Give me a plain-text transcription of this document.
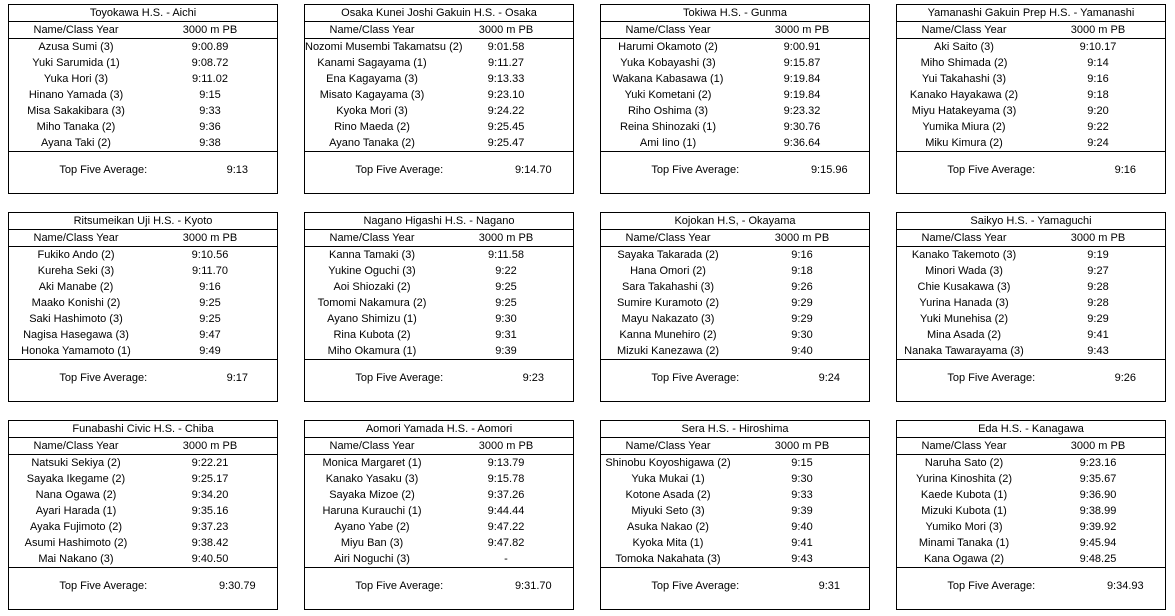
Toyokawa H.S. - Aichi	
Name/Class Year	3000 m PB
Azusa Sumi (3)	9:00.89
Yuki Sarumida (1)	9:08.72
Yuka Hori (3)	9:11.02
Hinano Yamada (3)	9:15
Misa Sakakibara (3)	9:33
Miho Tanaka (2)	9:36
Ayana Taki (2)	9:38
Top Five Average:	9:13
Osaka Kunei Joshi Gakuin H.S. - Osaka	
Name/Class Year	3000 m PB
Nozomi Musembi Takamatsu (2)	9:01.58
Kanami Sagayama (1)	9:11.27
Ena Kagayama (3)	9:13.33
Misato Kagayama (3)	9:23.10
Kyoka Mori (3)	9:24.22
Rino Maeda (2)	9:25.45
Ayano Tanaka (2)	9:25.47
Top Five Average:	9:14.70
Tokiwa H.S. - Gunma	
Name/Class Year	3000 m PB
Harumi Okamoto (2)	9:00.91
Yuka Kobayashi (3)	9:15.87
Wakana Kabasawa (1)	9:19.84
Yuki Kometani (2)	9:19.84
Riho Oshima (3)	9:23.32
Reina Shinozaki (1)	9:30.76
Ami Iino (1)	9:36.64
Top Five Average:	9:15.96
Yamanashi Gakuin Prep H.S. - Yamanashi	
Name/Class Year	3000 m PB
Aki Saito (3)	9:10.17
Miho Shimada (2)	9:14
Yui Takahashi (3)	9:16
Kanako Hayakawa (2)	9:18
Miyu Hatakeyama (3)	9:20
Yumika Miura (2)	9:22
Miku Kimura (2)	9:24
Top Five Average:	9:16
Ritsumeikan Uji H.S. - Kyoto	
Name/Class Year	3000 m PB
Fukiko Ando (2)	9:10.56
Kureha Seki (3)	9:11.70
Aki Manabe (2)	9:16
Maako Konishi (2)	9:25
Saki Hashimoto (3)	9:25
Nagisa Hasegawa (3)	9:47
Honoka Yamamoto (1)	9:49
Top Five Average:	9:17
Nagano Higashi H.S. - Nagano	
Name/Class Year	3000 m PB
Kanna Tamaki (3)	9:11.58
Yukine Oguchi (3)	9:22
Aoi Shiozaki (2)	9:25
Tomomi Nakamura (2)	9:25
Ayano Shimizu (1)	9:30
Rina Kubota (2)	9:31
Miho Okamura (1)	9:39
Top Five Average:	9:23
Kojokan H.S, - Okayama	
Name/Class Year	3000 m PB
Sayaka Takarada (2)	9:16
Hana Omori (2)	9:18
Sara Takahashi (3)	9:26
Sumire Kuramoto (2)	9:29
Mayu Nakazato (3)	9:29
Kanna Munehiro (2)	9:30
Mizuki Kanezawa (2)	9:40
Top Five Average:	9:24
Saikyo H.S. - Yamaguchi	
Name/Class Year	3000 m PB
Kanako Takemoto (3)	9:19
Minori Wada (3)	9:27
Chie Kusakawa (3)	9:28
Yurina Hanada (3)	9:28
Yuki Munehisa (2)	9:29
Mina Asada (2)	9:41
Nanaka Tawarayama (3)	9:43
Top Five Average:	9:26
Funabashi Civic H.S. - Chiba	
Name/Class Year	3000 m PB
Natsuki Sekiya (2)	9:22.21
Sayaka Ikegame (2)	9:25.17
Nana Ogawa (2)	9:34.20
Ayari Harada (1)	9:35.16
Ayaka Fujimoto (2)	9:37.23
Asumi Hashimoto (2)	9:38.42
Mai Nakano (3)	9:40.50
Top Five Average:	9:30.79
Aomori Yamada H.S. - Aomori	
Name/Class Year	3000 m PB
Monica Margaret (1)	9:13.79
Kanako Yasaku (3)	9:15.78
Sayaka Mizoe (2)	9:37.26
Haruna Kurauchi (1)	9:44.44
Ayano Yabe (2)	9:47.22
Miyu Ban (3)	9:47.82
Airi Noguchi (3)	-
Top Five Average:	9:31.70
Sera H.S. - Hiroshima	
Name/Class Year	3000 m PB
Shinobu Koyoshigawa (2)	9:15
Yuka Mukai (1)	9:30
Kotone Asada (2)	9:33
Miyuki Seto (3)	9:39
Asuka Nakao (2)	9:40
Kyoka Mita (1)	9:41
Tomoka Nakahata (3)	9:43
Top Five Average:	9:31
Eda H.S. - Kanagawa	
Name/Class Year	3000 m PB
Naruha Sato (2)	9:23.16
Yurina Kinoshita (2)	9:35.67
Kaede Kubota (1)	9:36.90
Mizuki Kubota (1)	9:38.99
Yumiko Mori (3)	9:39.92
Minami Tanaka (1)	9:45.94
Kana Ogawa (2)	9:48.25
Top Five Average:	9:34.93
